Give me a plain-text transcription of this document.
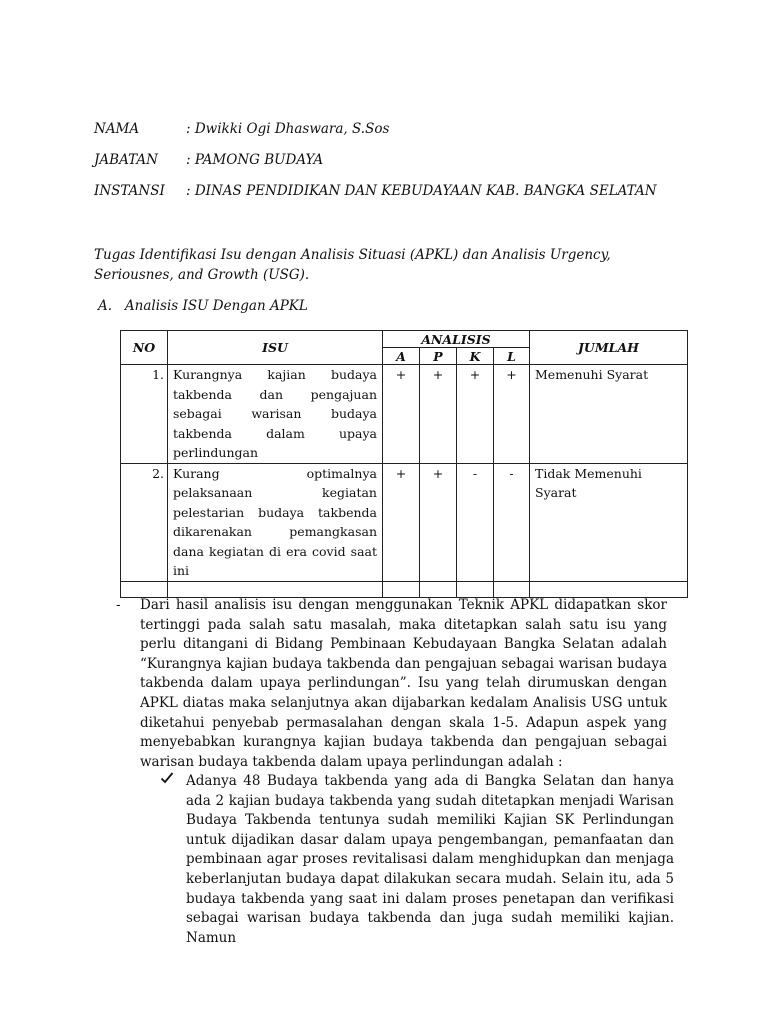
NAMA	: Dwikki Ogi Dhaswara, S.Sos
JABATAN : PAMONG BUDAYA
INSTANSI : DINAS PENDIDIKAN DAN KEBUDAYAAN KAB. BANGKA SELATAN
Tugas Identifikasi Isu dengan Analisis Situasi (APKL) dan Analisis Urgency, Seriousnes, and Growth (USG).
A. Analisis ISU Dengan APKL
NO	ISU	ANALISIS				JUMLAH
		A	P	K	L	
1.	Kurangnya kajian budaya takbenda dan pengajuan sebagai warisan budaya takbenda dalam upaya perlindungan	+	+	+	+	Memenuhi Syarat
2.	Kurang optimalnya pelaksanaan kegiatan pelestarian budaya takbenda dikarenakan pemangkasan dana kegiatan di era covid saat ini	+	+	-	-	Tidak Memenuhi Syarat

- Dari hasil analisis isu dengan menggunakan Teknik APKL didapatkan skor tertinggi pada salah satu masalah, maka ditetapkan salah satu isu yang perlu ditangani di Bidang Pembinaan Kebudayaan Bangka Selatan adalah “Kurangnya kajian budaya takbenda dan pengajuan sebagai warisan budaya takbenda dalam upaya perlindungan”. Isu yang telah dirumuskan dengan APKL diatas maka selanjutnya akan dijabarkan kedalam Analisis USG untuk diketahui penyebab permasalahan dengan skala 1-5. Adapun aspek yang menyebabkan kurangnya kajian budaya takbenda dan pengajuan sebagai warisan budaya takbenda dalam upaya perlindungan adalah :
Adanya 48 Budaya takbenda yang ada di Bangka Selatan dan hanya ada 2 kajian budaya takbenda yang sudah ditetapkan menjadi Warisan Budaya Takbenda tentunya sudah memiliki Kajian SK Perlindungan untuk dijadikan dasar dalam upaya pengembangan, pemanfaatan dan pembinaan agar proses revitalisasi dalam menghidupkan dan menjaga keberlanjutan budaya dapat dilakukan secara mudah. Selain itu, ada 5 budaya takbenda yang saat ini dalam proses penetapan dan verifikasi sebagai warisan budaya takbenda dan juga sudah memiliki kajian. Namun
